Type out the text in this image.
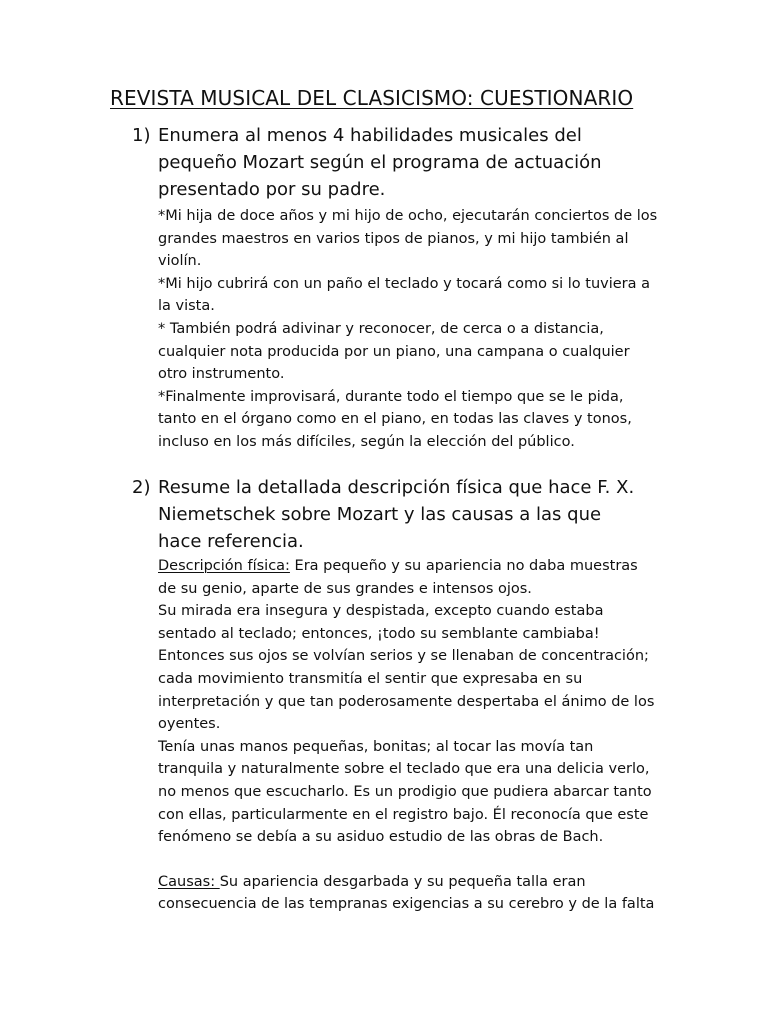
REVISTA MUSICAL DEL CLASICISMO: CUESTIONARIO
1) Enumera al menos 4 habilidades musicales del pequeño Mozart según el programa de actuación presentado por su padre.

*Mi hija de doce años y mi hijo de ocho, ejecutarán conciertos de los grandes maestros en varios tipos de pianos, y mi hijo también al violín.

*Mi hijo cubrirá con un paño el teclado y tocará como si lo tuviera a la vista.

* También podrá adivinar y reconocer, de cerca o a distancia, cualquier nota producida por un piano, una campana o cualquier otro instrumento.

*Finalmente improvisará, durante todo el tiempo que se le pida, tanto en el órgano como en el piano, en todas las claves y tonos, incluso en los más difíciles, según la elección del público.

2) Resume la detallada descripción física que hace F. X. Niemetschek sobre Mozart y las causas a las que hace referencia.

Descripción física: Era pequeño y su apariencia no daba muestras de su genio, aparte de sus grandes e intensos ojos.

Su mirada era insegura y despistada, excepto cuando estaba sentado al teclado; entonces, ¡todo su semblante cambiaba! Entonces sus ojos se volvían serios y se llenaban de concentración; cada movimiento transmitía el sentir que expresaba en su interpretación y que tan poderosamente despertaba el ánimo de los oyentes.

Tenía unas manos pequeñas, bonitas; al tocar las movía tan tranquila y naturalmente sobre el teclado que era una delicia verlo, no menos que escucharlo. Es un prodigio que pudiera abarcar tanto con ellas, particularmente en el registro bajo. Él reconocía que este fenómeno se debía a su asiduo estudio de las obras de Bach.

Causas: Su apariencia desgarbada y su pequeña talla eran consecuencia de las tempranas exigencias a su cerebro y de la falta
